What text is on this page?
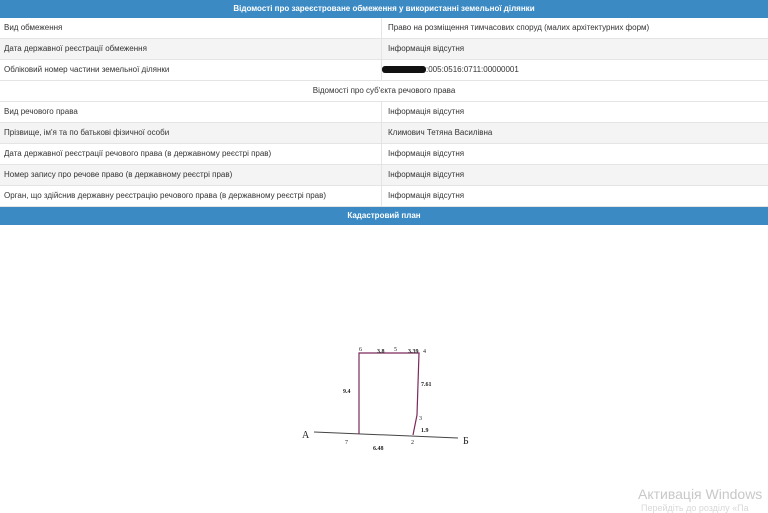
Відомості про зареєстроване обмеження у використанні земельної ділянки
Вид обмеження	Право на розміщення тимчасових споруд (малих архітектурних форм)
Дата державної реєстрації обмеження	Інформація відсутня
Обліковий номер частини земельної ділянки	:005:0516:0711:00000001
Відомості про суб'єкта речового права
Вид речового права	Інформація відсутня
Прізвище, ім'я та по батькові фізичної особи	Климович Тетяна Василівна
Дата державної реєстрації речового права (в державному реєстрі прав)	Інформація відсутня
Номер запису про речове право (в державному реєстрі прав)	Інформація відсутня
Орган, що здійснив державну реєстрацію речового права (в державному реєстрі прав)	Інформація відсутня
Кадастровий план
6	5	4
3
2
7
3.8	3.39
9.4
7.61
1.9
6.48
А
Б
Активація Windows
Перейдіть до розділу «Па
